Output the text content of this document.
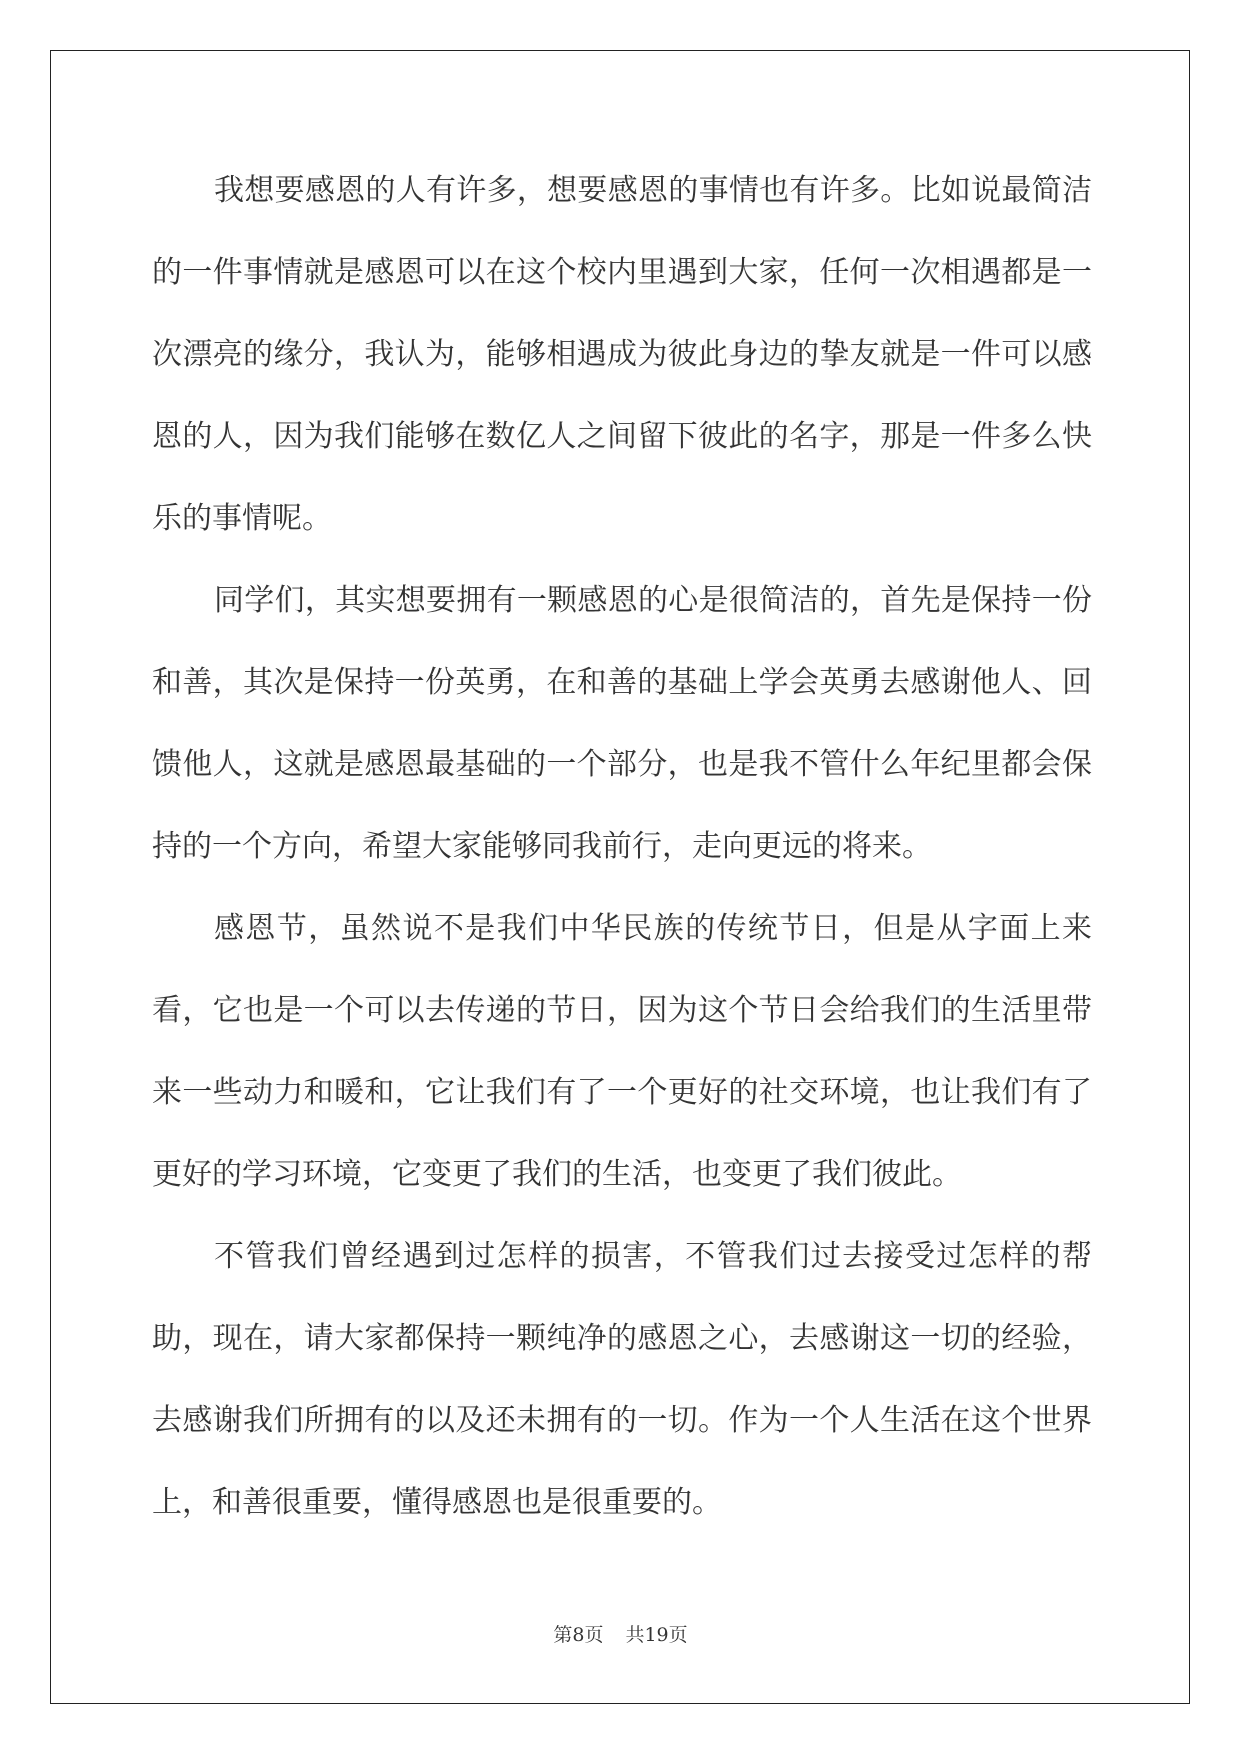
我想要感恩的人有许多，想要感恩的事情也有许多。比如说最简洁的一件事情就是感恩可以在这个校内里遇到大家，任何一次相遇都是一次漂亮的缘分，我认为，能够相遇成为彼此身边的挚友就是一件可以感恩的人，因为我们能够在数亿人之间留下彼此的名字，那是一件多么快乐的事情呢。

同学们，其实想要拥有一颗感恩的心是很简洁的，首先是保持一份和善，其次是保持一份英勇，在和善的基础上学会英勇去感谢他人、回馈他人，这就是感恩最基础的一个部分，也是我不管什么年纪里都会保持的一个方向，希望大家能够同我前行，走向更远的将来。

感恩节，虽然说不是我们中华民族的传统节日，但是从字面上来看，它也是一个可以去传递的节日，因为这个节日会给我们的生活里带来一些动力和暖和，它让我们有了一个更好的社交环境，也让我们有了更好的学习环境，它变更了我们的生活，也变更了我们彼此。

不管我们曾经遇到过怎样的损害，不管我们过去接受过怎样的帮助，现在，请大家都保持一颗纯净的感恩之心，去感谢这一切的经验，去感谢我们所拥有的以及还未拥有的一切。作为一个人生活在这个世界上，和善很重要，懂得感恩也是很重要的。

第8页 共19页
